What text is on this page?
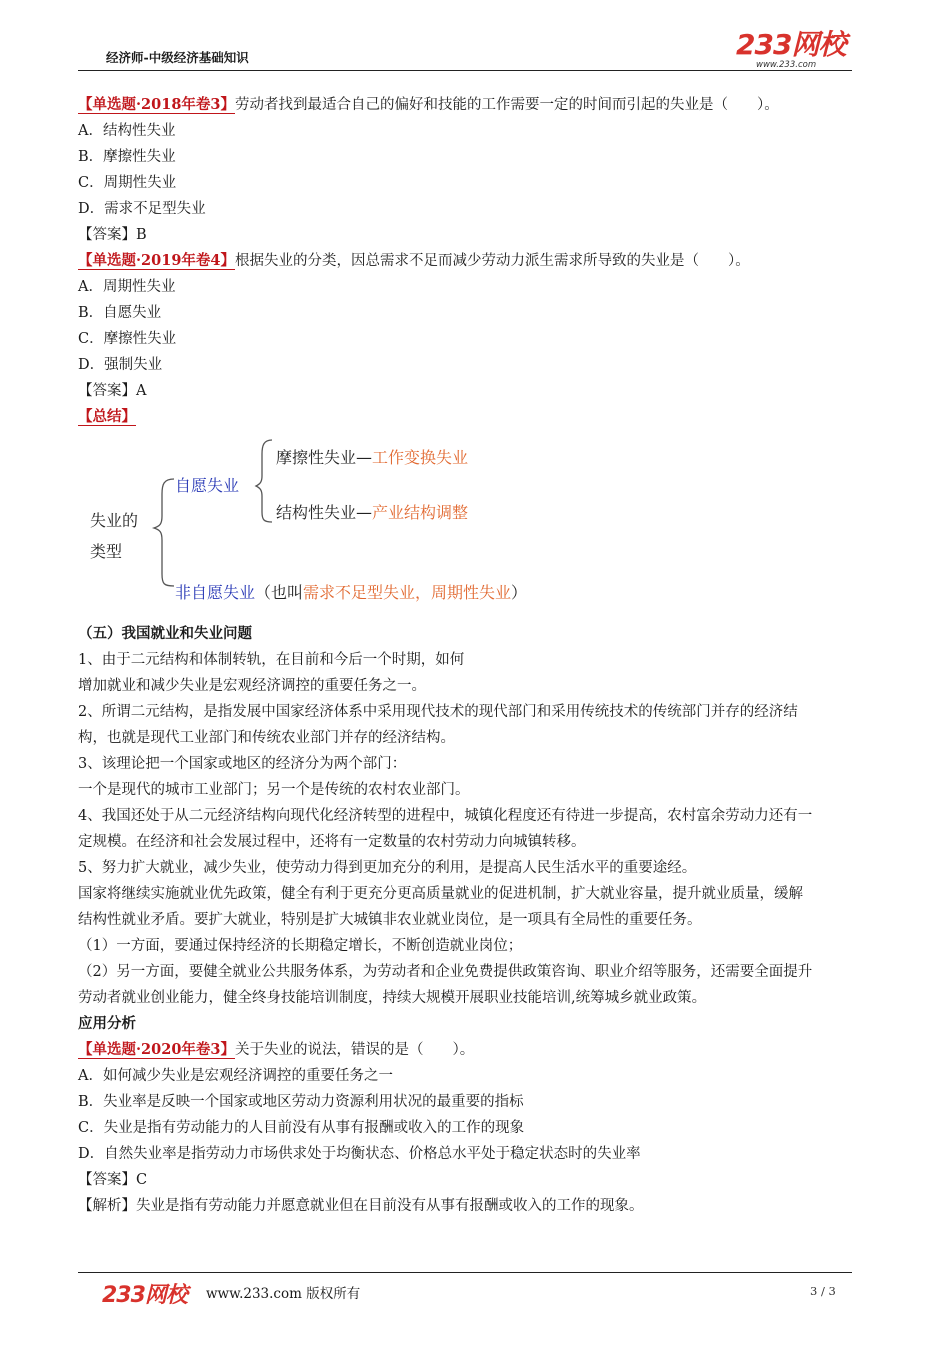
经济师-中级经济基础知识	233网校
www.233.com
【单选题·2018年卷3】劳动者找到最适合自己的偏好和技能的工作需要一定的时间而引起的失业是（　　）。
A．结构性失业
B．摩擦性失业
C．周期性失业
D．需求不足型失业
【答案】B
【单选题·2019年卷4】根据失业的分类，因总需求不足而减少劳动力派生需求所导致的失业是（　　）。
A．周期性失业
B．自愿失业
C．摩擦性失业
D．强制失业
【答案】A
【总结】
失业的
类型
自愿失业
摩擦性失业—工作变换失业
结构性失业—产业结构调整
非自愿失业（也叫需求不足型失业，周期性失业）
（五）我国就业和失业问题
1、由于二元结构和体制转轨，在目前和今后一个时期，如何
增加就业和减少失业是宏观经济调控的重要任务之一。
2、所谓二元结构，是指发展中国家经济体系中采用现代技术的现代部门和采用传统技术的传统部门并存的经济结
构，也就是现代工业部门和传统农业部门并存的经济结构。
3、该理论把一个国家或地区的经济分为两个部门：
一个是现代的城市工业部门；另一个是传统的农村农业部门。
4、我国还处于从二元经济结构向现代化经济转型的进程中，城镇化程度还有待进一步提高，农村富余劳动力还有一
定规模。在经济和社会发展过程中，还将有一定数量的农村劳动力向城镇转移。
5、努力扩大就业，减少失业，使劳动力得到更加充分的利用，是提高人民生活水平的重要途经。
国家将继续实施就业优先政策，健全有利于更充分更高质量就业的促进机制，扩大就业容量，提升就业质量，缓解
结构性就业矛盾。要扩大就业，特别是扩大城镇非农业就业岗位，是一项具有全局性的重要任务。
（1）一方面，要通过保持经济的长期稳定增长，不断创造就业岗位；
（2）另一方面，要健全就业公共服务体系，为劳动者和企业免费提供政策咨询、职业介绍等服务，还需要全面提升
劳动者就业创业能力，健全终身技能培训制度，持续大规模开展职业技能培训,统筹城乡就业政策。
应用分析
【单选题·2020年卷3】关于失业的说法，错误的是（　　）。
A．如何减少失业是宏观经济调控的重要任务之一
B．失业率是反映一个国家或地区劳动力资源利用状况的最重要的指标
C．失业是指有劳动能力的人目前没有从事有报酬或收入的工作的现象
D．自然失业率是指劳动力市场供求处于均衡状态、价格总水平处于稳定状态时的失业率
【答案】C
【解析】失业是指有劳动能力并愿意就业但在目前没有从事有报酬或收入的工作的现象。
233网校 www.233.com 版权所有	3 / 3
